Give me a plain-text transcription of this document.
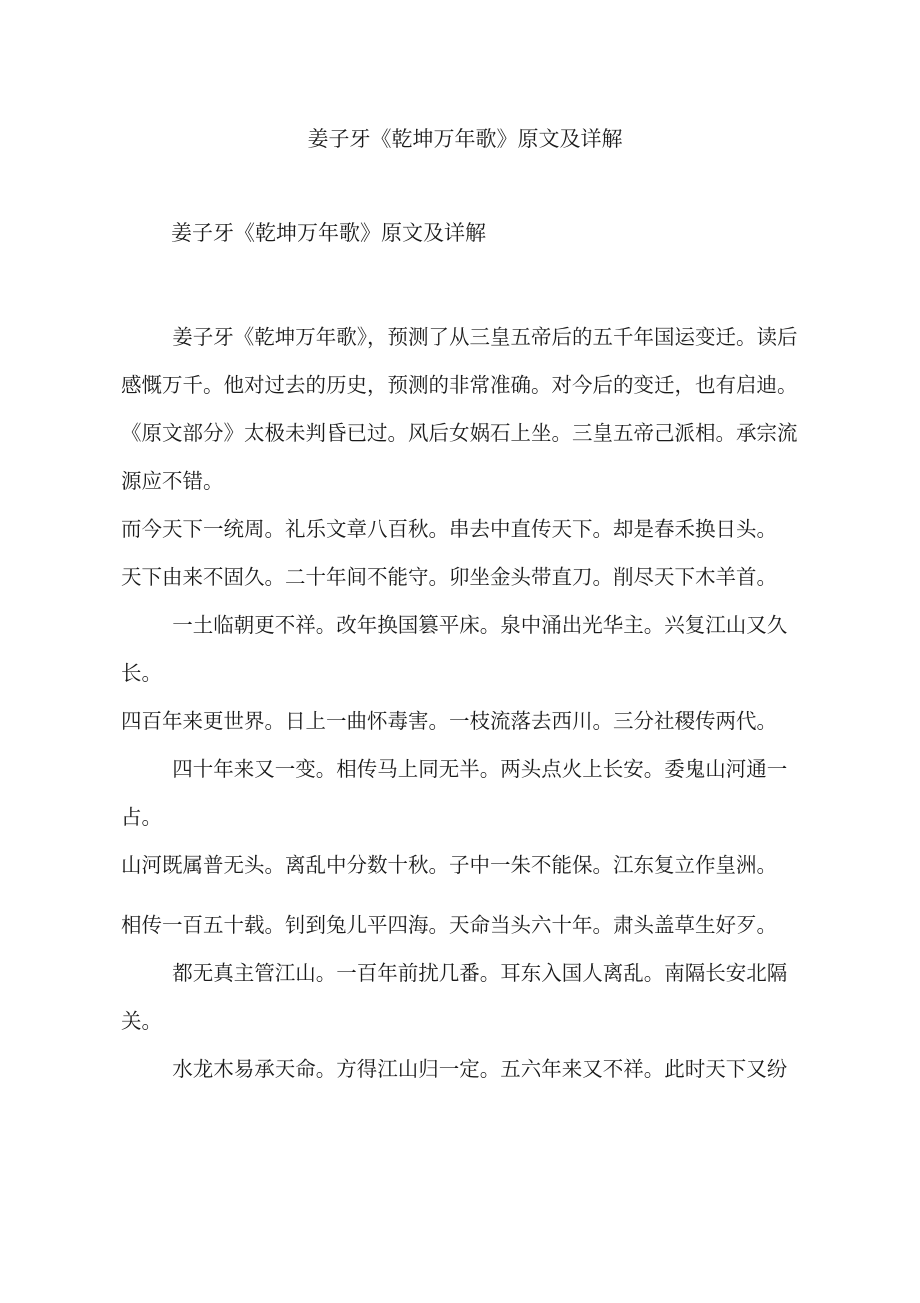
姜子牙《乾坤万年歌》原文及详解
姜子牙《乾坤万年歌》原文及详解

姜子牙《乾坤万年歌》，预测了从三皇五帝后的五千年国运变迁。读后感慨万千。他对过去的历史，预测的非常准确。对今后的变迁，也有启迪。

《原文部分》太极未判昏已过。风后女娲石上坐。三皇五帝己派相。承宗流源应不错。

而今天下一统周。礼乐文章八百秋。串去中直传天下。却是春禾换日头。

天下由来不固久。二十年间不能守。卯坐金头带直刀。削尽天下木羊首。

一土临朝更不祥。改年换国篡平床。泉中涌出光华主。兴复江山又久长。

四百年来更世界。日上一曲怀毒害。一枝流落去西川。三分社稷传两代。

四十年来又一变。相传马上同无半。两头点火上长安。委鬼山河通一占。

山河既属普无头。离乱中分数十秋。子中一朱不能保。江东复立作皇洲。

相传一百五十载。钊到兔儿平四海。天命当头六十年。肃头盖草生好歹。

都无真主管江山。一百年前扰几番。耳东入国人离乱。南隔长安北隔关。

水龙木易承天命。方得江山归一定。五六年来又不祥。此时天下又纷
